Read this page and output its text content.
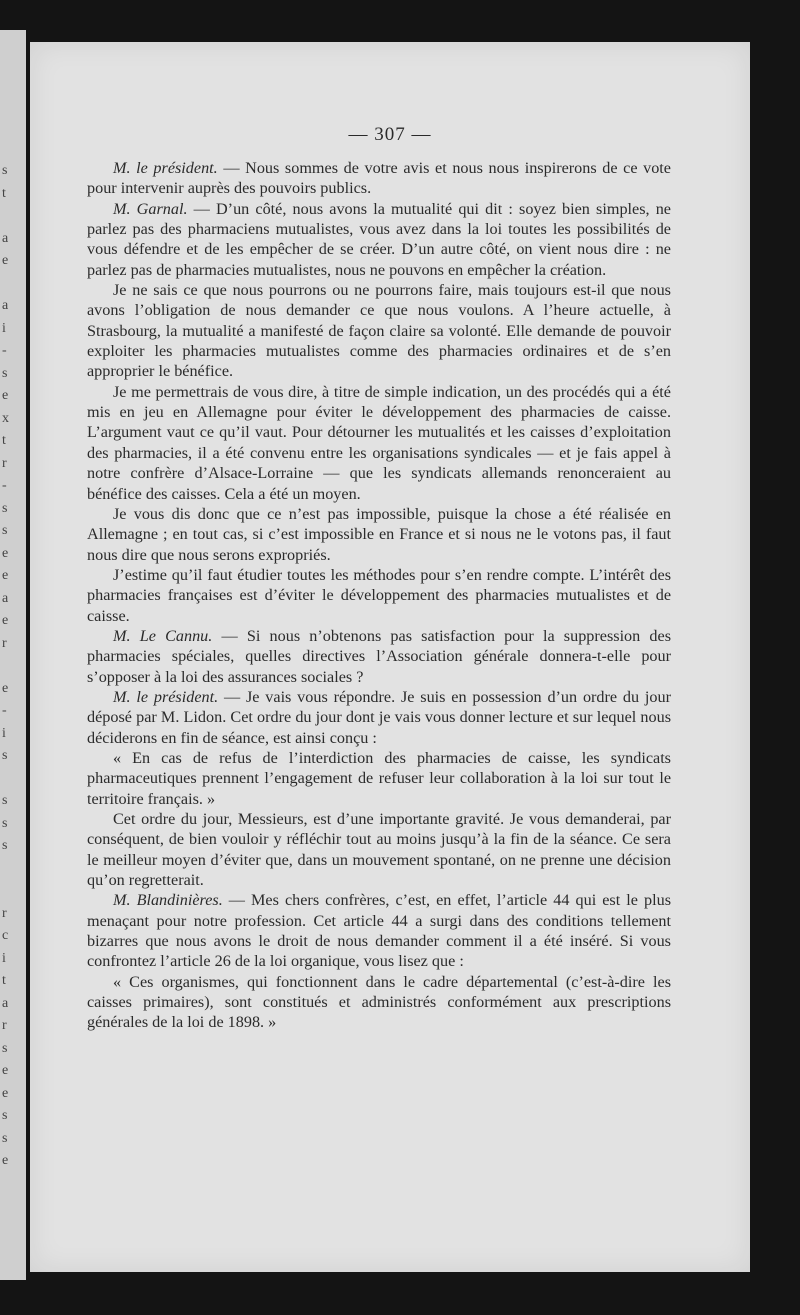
s
t
a
e
a
i
-
s
e
x
t
r
-
s
s
e
e
a
e
r
e
-
i
s
s
s
s
r
c
i
t
a
r
s
e
e
s
s
e
— 307 —

M. le président. — Nous sommes de votre avis et nous nous inspirerons de ce vote pour intervenir auprès des pouvoirs publics.

M. Garnal. — D’un côté, nous avons la mutualité qui dit : soyez bien simples, ne parlez pas des pharmaciens mutualistes, vous avez dans la loi toutes les possibilités de vous défendre et de les empêcher de se créer. D’un autre côté, on vient nous dire : ne parlez pas de pharmacies mutualistes, nous ne pouvons en empêcher la création.

Je ne sais ce que nous pourrons ou ne pourrons faire, mais toujours est-il que nous avons l’obligation de nous demander ce que nous voulons. A l’heure actuelle, à Strasbourg, la mutualité a manifesté de façon claire sa volonté. Elle demande de pouvoir exploiter les pharmacies mutualistes comme des pharmacies ordinaires et de s’en approprier le bénéfice.

Je me permettrais de vous dire, à titre de simple indication, un des procédés qui a été mis en jeu en Allemagne pour éviter le développement des pharmacies de caisse. L’argument vaut ce qu’il vaut. Pour détourner les mutualités et les caisses d’exploitation des pharmacies, il a été convenu entre les organisations syndicales — et je fais appel à notre confrère d’Alsace-Lorraine — que les syndicats allemands renonceraient au bénéfice des caisses. Cela a été un moyen.

Je vous dis donc que ce n’est pas impossible, puisque la chose a été réalisée en Allemagne ; en tout cas, si c’est impossible en France et si nous ne le votons pas, il faut nous dire que nous serons expropriés.

J’estime qu’il faut étudier toutes les méthodes pour s’en rendre compte. L’intérêt des pharmacies françaises est d’éviter le développement des pharmacies mutualistes et de caisse.

M. Le Cannu. — Si nous n’obtenons pas satisfaction pour la suppression des pharmacies spéciales, quelles directives l’Association générale donnera-t-elle pour s’opposer à la loi des assurances sociales ?

M. le président. — Je vais vous répondre. Je suis en possession d’un ordre du jour déposé par M. Lidon. Cet ordre du jour dont je vais vous donner lecture et sur lequel nous déciderons en fin de séance, est ainsi conçu :

« En cas de refus de l’interdiction des pharmacies de caisse, les syndicats pharmaceutiques prennent l’engagement de refuser leur collaboration à la loi sur tout le territoire français. »

Cet ordre du jour, Messieurs, est d’une importante gravité. Je vous demanderai, par conséquent, de bien vouloir y réfléchir tout au moins jusqu’à la fin de la séance. Ce sera le meilleur moyen d’éviter que, dans un mouvement spontané, on ne prenne une décision qu’on regretterait.

M. Blandinières. — Mes chers confrères, c’est, en effet, l’article 44 qui est le plus menaçant pour notre profession. Cet article 44 a surgi dans des conditions tellement bizarres que nous avons le droit de nous demander comment il a été inséré. Si vous confrontez l’article 26 de la loi organique, vous lisez que :

« Ces organismes, qui fonctionnent dans le cadre départemental (c’est-à-dire les caisses primaires), sont constitués et administrés conformément aux prescriptions générales de la loi de 1898. »
